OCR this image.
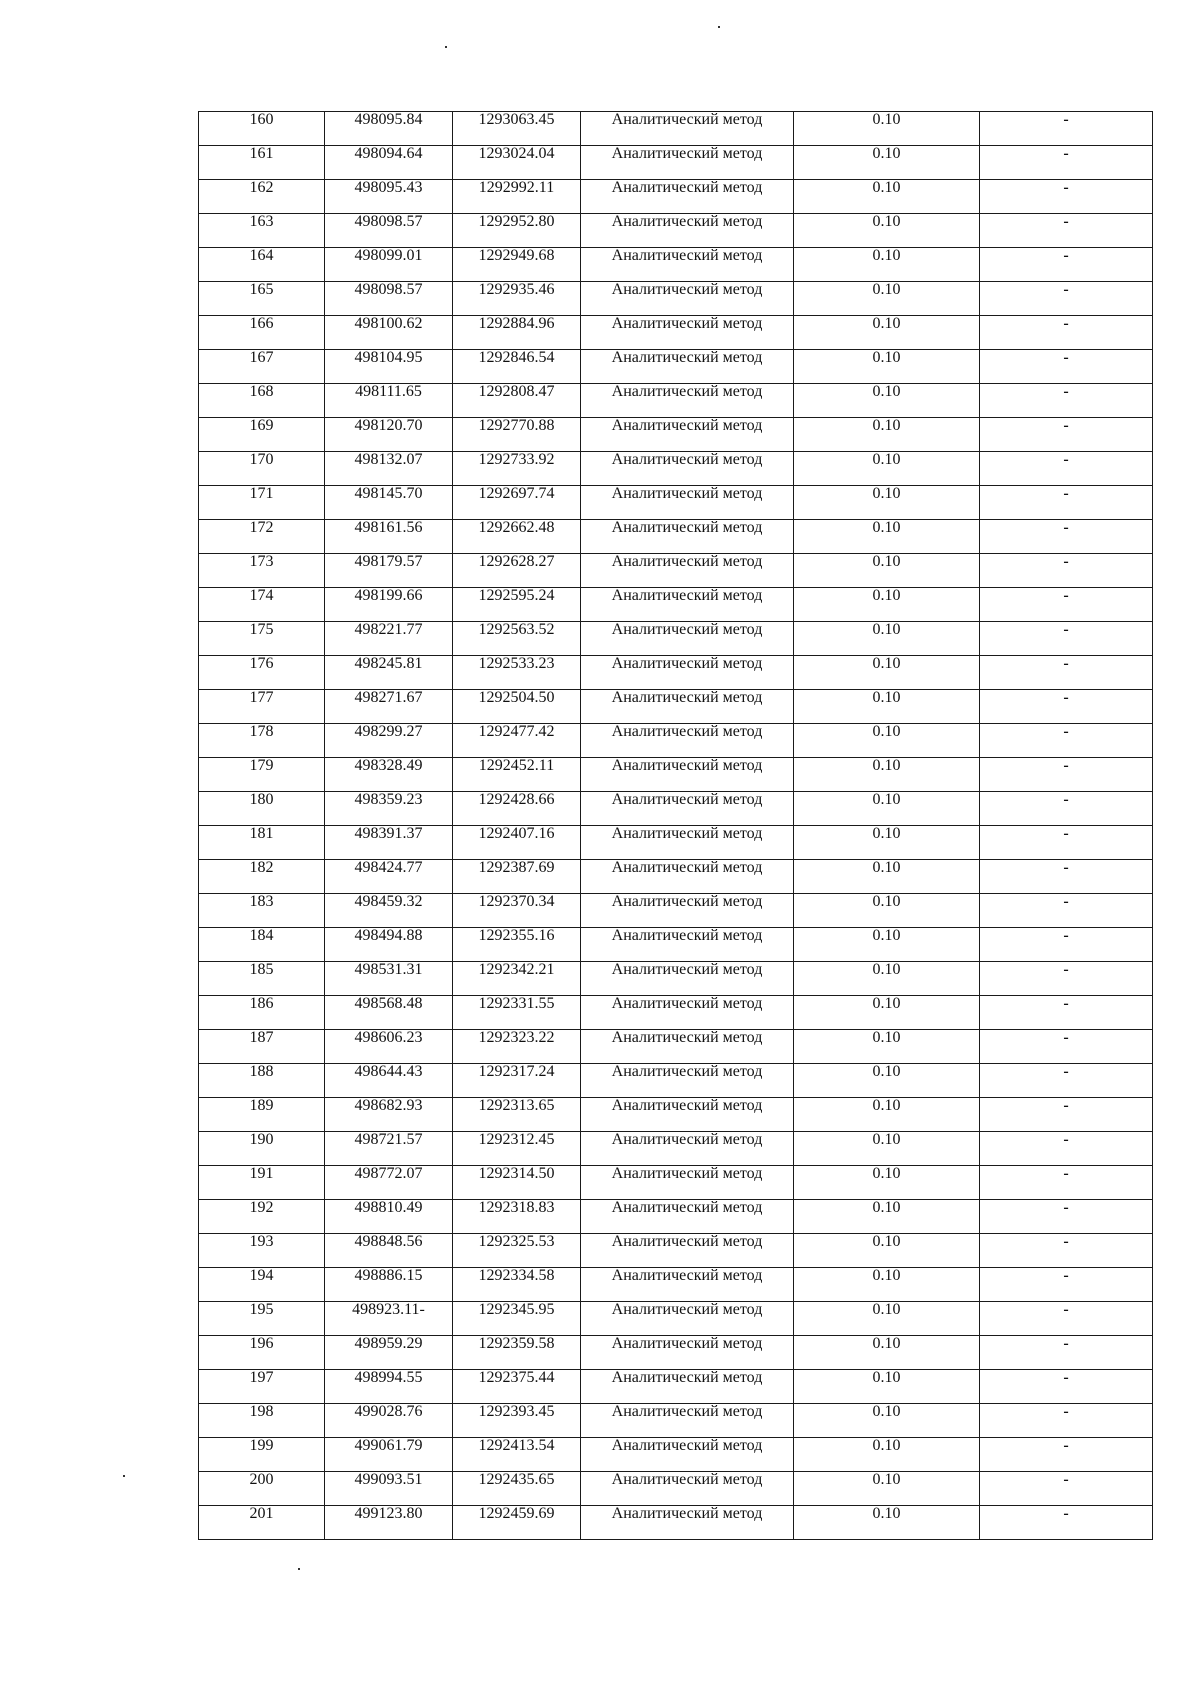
160	498095.84	1293063.45	Аналитический метод	0.10	-
161	498094.64	1293024.04	Аналитический метод	0.10	-
162	498095.43	1292992.11	Аналитический метод	0.10	-
163	498098.57	1292952.80	Аналитический метод	0.10	-
164	498099.01	1292949.68	Аналитический метод	0.10	-
165	498098.57	1292935.46	Аналитический метод	0.10	-
166	498100.62	1292884.96	Аналитический метод	0.10	-
167	498104.95	1292846.54	Аналитический метод	0.10	-
168	498111.65	1292808.47	Аналитический метод	0.10	-
169	498120.70	1292770.88	Аналитический метод	0.10	-
170	498132.07	1292733.92	Аналитический метод	0.10	-
171	498145.70	1292697.74	Аналитический метод	0.10	-
172	498161.56	1292662.48	Аналитический метод	0.10	-
173	498179.57	1292628.27	Аналитический метод	0.10	-
174	498199.66	1292595.24	Аналитический метод	0.10	-
175	498221.77	1292563.52	Аналитический метод	0.10	-
176	498245.81	1292533.23	Аналитический метод	0.10	-
177	498271.67	1292504.50	Аналитический метод	0.10	-
178	498299.27	1292477.42	Аналитический метод	0.10	-
179	498328.49	1292452.11	Аналитический метод	0.10	-
180	498359.23	1292428.66	Аналитический метод	0.10	-
181	498391.37	1292407.16	Аналитический метод	0.10	-
182	498424.77	1292387.69	Аналитический метод	0.10	-
183	498459.32	1292370.34	Аналитический метод	0.10	-
184	498494.88	1292355.16	Аналитический метод	0.10	-
185	498531.31	1292342.21	Аналитический метод	0.10	-
186	498568.48	1292331.55	Аналитический метод	0.10	-
187	498606.23	1292323.22	Аналитический метод	0.10	-
188	498644.43	1292317.24	Аналитический метод	0.10	-
189	498682.93	1292313.65	Аналитический метод	0.10	-
190	498721.57	1292312.45	Аналитический метод	0.10	-
191	498772.07	1292314.50	Аналитический метод	0.10	-
192	498810.49	1292318.83	Аналитический метод	0.10	-
193	498848.56	1292325.53	Аналитический метод	0.10	-
194	498886.15	1292334.58	Аналитический метод	0.10	-
195	498923.11-	1292345.95	Аналитический метод	0.10	-
196	498959.29	1292359.58	Аналитический метод	0.10	-
197	498994.55	1292375.44	Аналитический метод	0.10	-
198	499028.76	1292393.45	Аналитический метод	0.10	-
199	499061.79	1292413.54	Аналитический метод	0.10	-
200	499093.51	1292435.65	Аналитический метод	0.10	-
201	499123.80	1292459.69	Аналитический метод	0.10	-
